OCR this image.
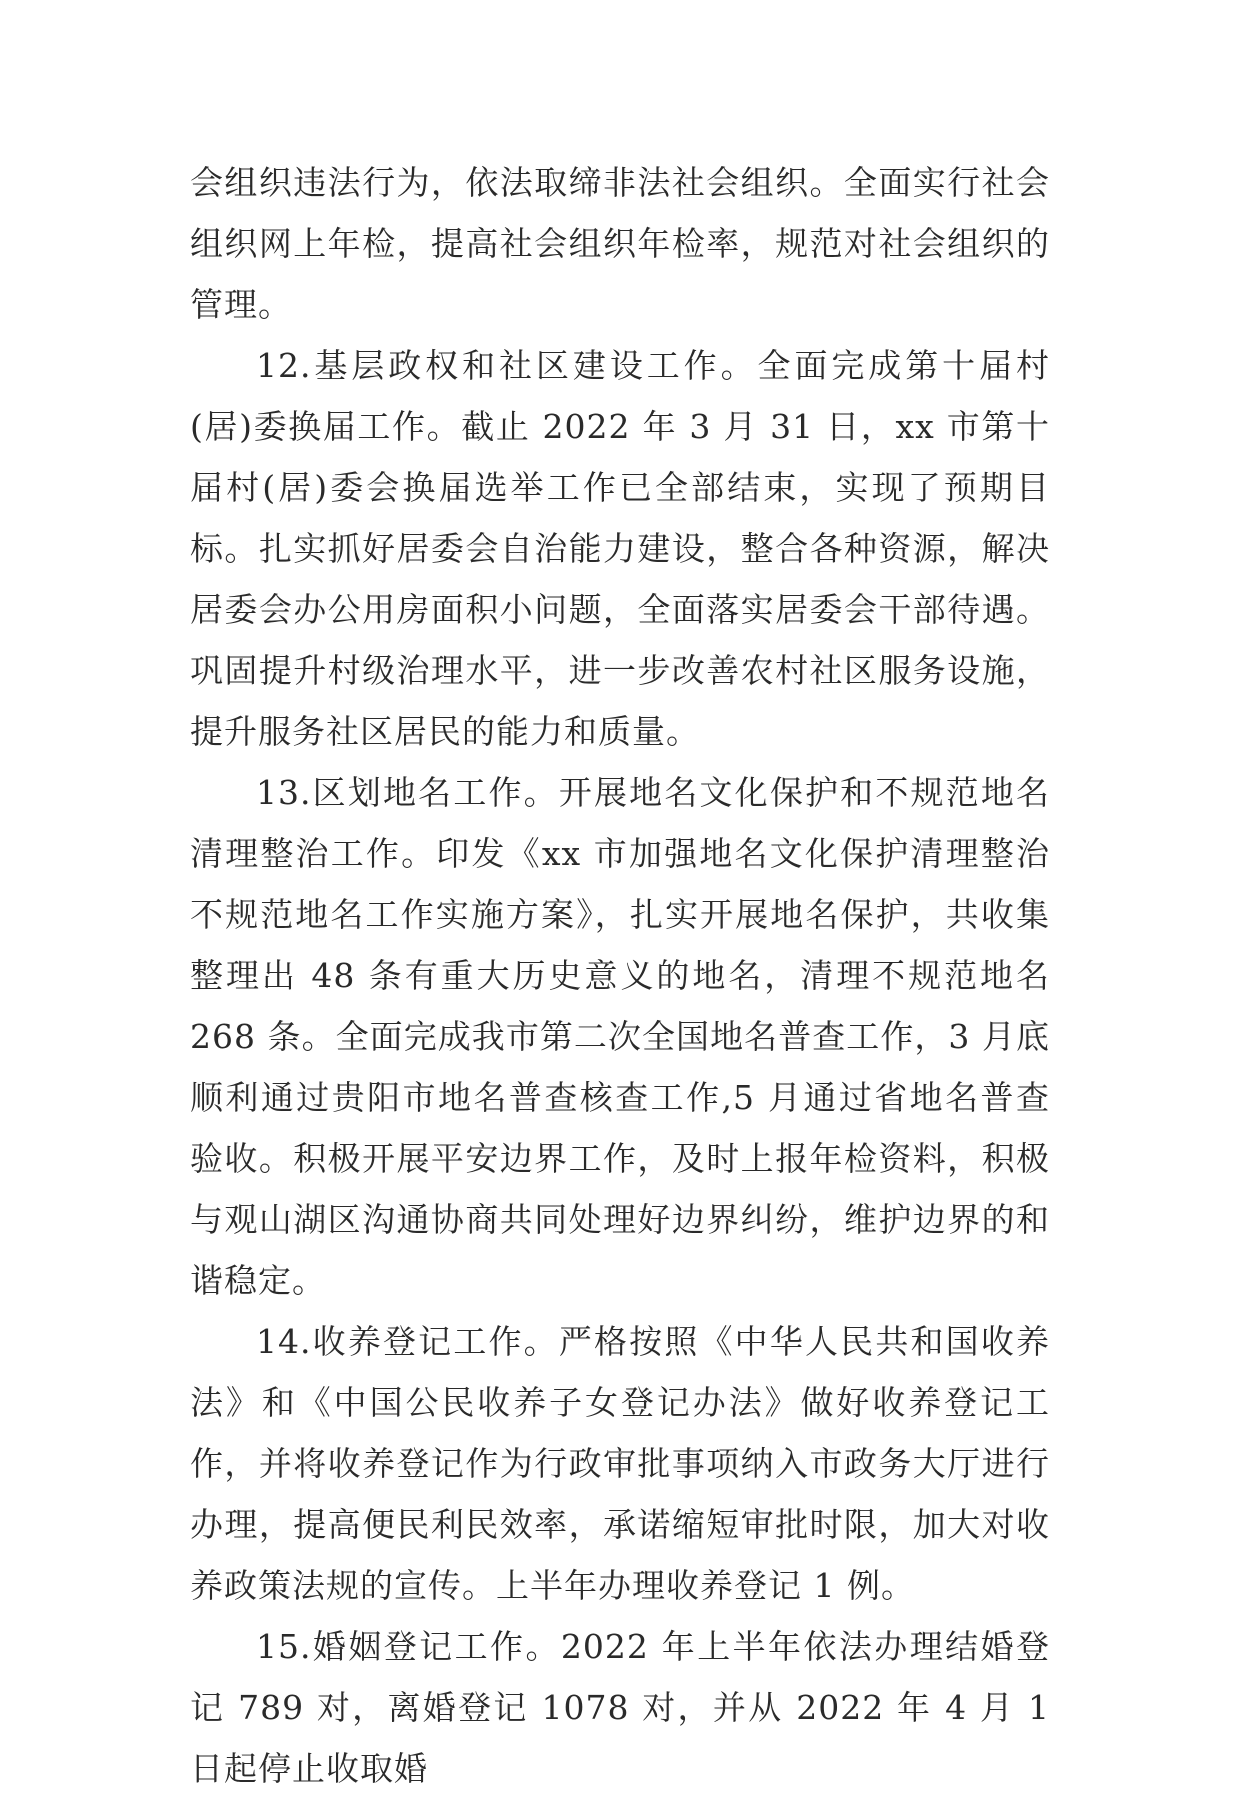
会组织违法行为，依法取缔非法社会组织。全面实行社会组织网上年检，提高社会组织年检率，规范对社会组织的管理。

12.基层政权和社区建设工作。全面完成第十届村(居)委换届工作。截止 2022 年 3 月 31 日，xx 市第十届村(居)委会换届选举工作已全部结束，实现了预期目标。扎实抓好居委会自治能力建设，整合各种资源，解决居委会办公用房面积小问题，全面落实居委会干部待遇。巩固提升村级治理水平，进一步改善农村社区服务设施，提升服务社区居民的能力和质量。

13.区划地名工作。开展地名文化保护和不规范地名清理整治工作。印发《xx 市加强地名文化保护清理整治不规范地名工作实施方案》，扎实开展地名保护，共收集整理出 48 条有重大历史意义的地名，清理不规范地名 268 条。全面完成我市第二次全国地名普查工作，3 月底顺利通过贵阳市地名普查核查工作,5 月通过省地名普查验收。积极开展平安边界工作，及时上报年检资料，积极与观山湖区沟通协商共同处理好边界纠纷，维护边界的和谐稳定。

14.收养登记工作。严格按照《中华人民共和国收养法》和《中国公民收养子女登记办法》做好收养登记工作，并将收养登记作为行政审批事项纳入市政务大厅进行办理，提高便民利民效率，承诺缩短审批时限，加大对收养政策法规的宣传。上半年办理收养登记 1 例。

15.婚姻登记工作。2022 年上半年依法办理结婚登记 789 对，离婚登记 1078 对，并从 2022 年 4 月 1 日起停止收取婚
